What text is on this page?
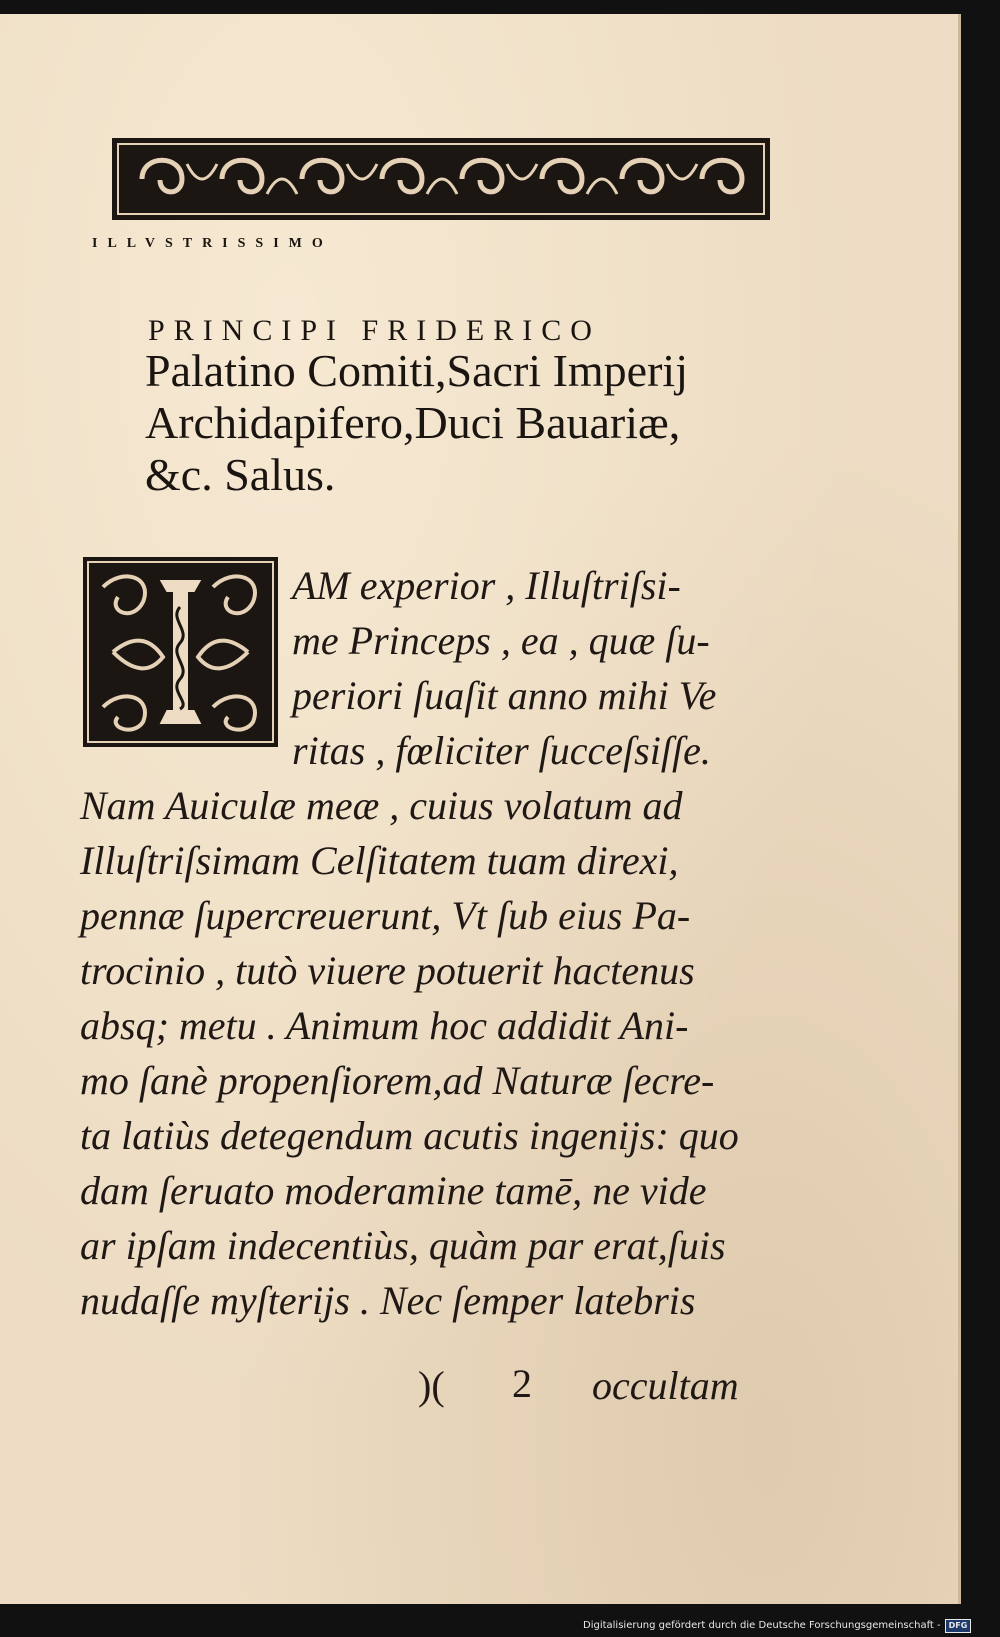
ILLVSTRISSIMO
PRINCIPI FRIDERICO
Palatino Comiti,Sacri Imperij
Archidapifero,Duci Bauariæ,
&c. Salus.
AM experior , Illuſtriſsi-
me Princeps , ea , quæ ſu-
periori ſuaſit anno mihi Ve
ritas , fœliciter ſucceſsiſſe.
Nam Auiculæ meæ , cuius volatum ad
Illuſtriſsimam Celſitatem tuam direxi,
pennæ ſupercreuerunt, Vt ſub eius Pa-
trocinio , tutò viuere potuerit hactenus
absq; metu . Animum hoc addidit Ani-
mo ſanè propenſiorem,ad Naturæ ſecre-
ta latiùs detegendum acutis ingenijs: quo
dam ſeruato moderamine tamē, ne vide
ar ipſam indecentiùs, quàm par erat,ſuis
nudaſſe myſterijs . Nec ſemper latebris
)( 2 occultam
Digitalisierung gefördert durch die Deutsche Forschungsgemeinschaft -	DFG
